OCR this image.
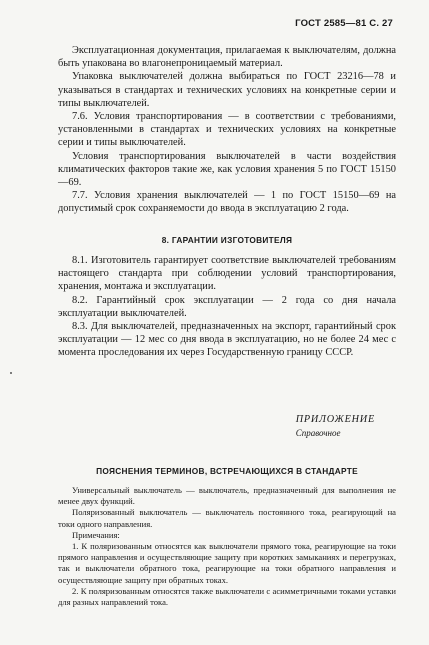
ГОСТ 2585—81 С. 27

Эксплуатационная документация, прилагаемая к выключателям, должна быть упакована во влагонепроницаемый материал.

Упаковка выключателей должна выбираться по ГОСТ 23216—78 и указываться в стандартах и технических условиях на конкретные серии и типы выключателей.

7.6. Условия транспортирования — в соответствии с требованиями, установленными в стандартах и технических условиях на конкретные серии и типы выключателей.

Условия транспортирования выключателей в части воздействия климатических факторов такие же, как условия хранения 5 по ГОСТ 15150—69.

7.7. Условия хранения выключателей — 1 по ГОСТ 15150—69 на допустимый срок сохраняемости до ввода в эксплуатацию 2 года.

8. ГАРАНТИИ ИЗГОТОВИТЕЛЯ

8.1. Изготовитель гарантирует соответствие выключателей требованиям настоящего стандарта при соблюдении условий транспортирования, хранения, монтажа и эксплуатации.

8.2. Гарантийный срок эксплуатации — 2 года со дня начала эксплуатации выключателей.

8.3. Для выключателей, предназначенных на экспорт, гарантийный срок эксплуатации — 12 мес со дня ввода в эксплуатацию, но не более 24 мес с момента проследования их через Государственную границу СССР.

ПРИЛОЖЕНИЕ
Справочное
ПОЯСНЕНИЯ ТЕРМИНОВ, ВСТРЕЧАЮЩИХСЯ В СТАНДАРТЕ

Универсальный выключатель — выключатель, предназначенный для выполнения не менее двух функций.

Поляризованный выключатель — выключатель постоянного тока, реагирующий на токи одного направления.

Примечания:

1. К поляризованным относятся как выключатели прямого тока, реагирующие на токи прямого направления и осуществляющие защиту при коротких замыканиях и перегрузках, так и выключатели обратного тока, реагирующие на токи обратного направления и осуществляющие защиту при обратных токах.

2. К поляризованным относятся также выключатели с асимметричными токами уставки для разных направлений тока.
